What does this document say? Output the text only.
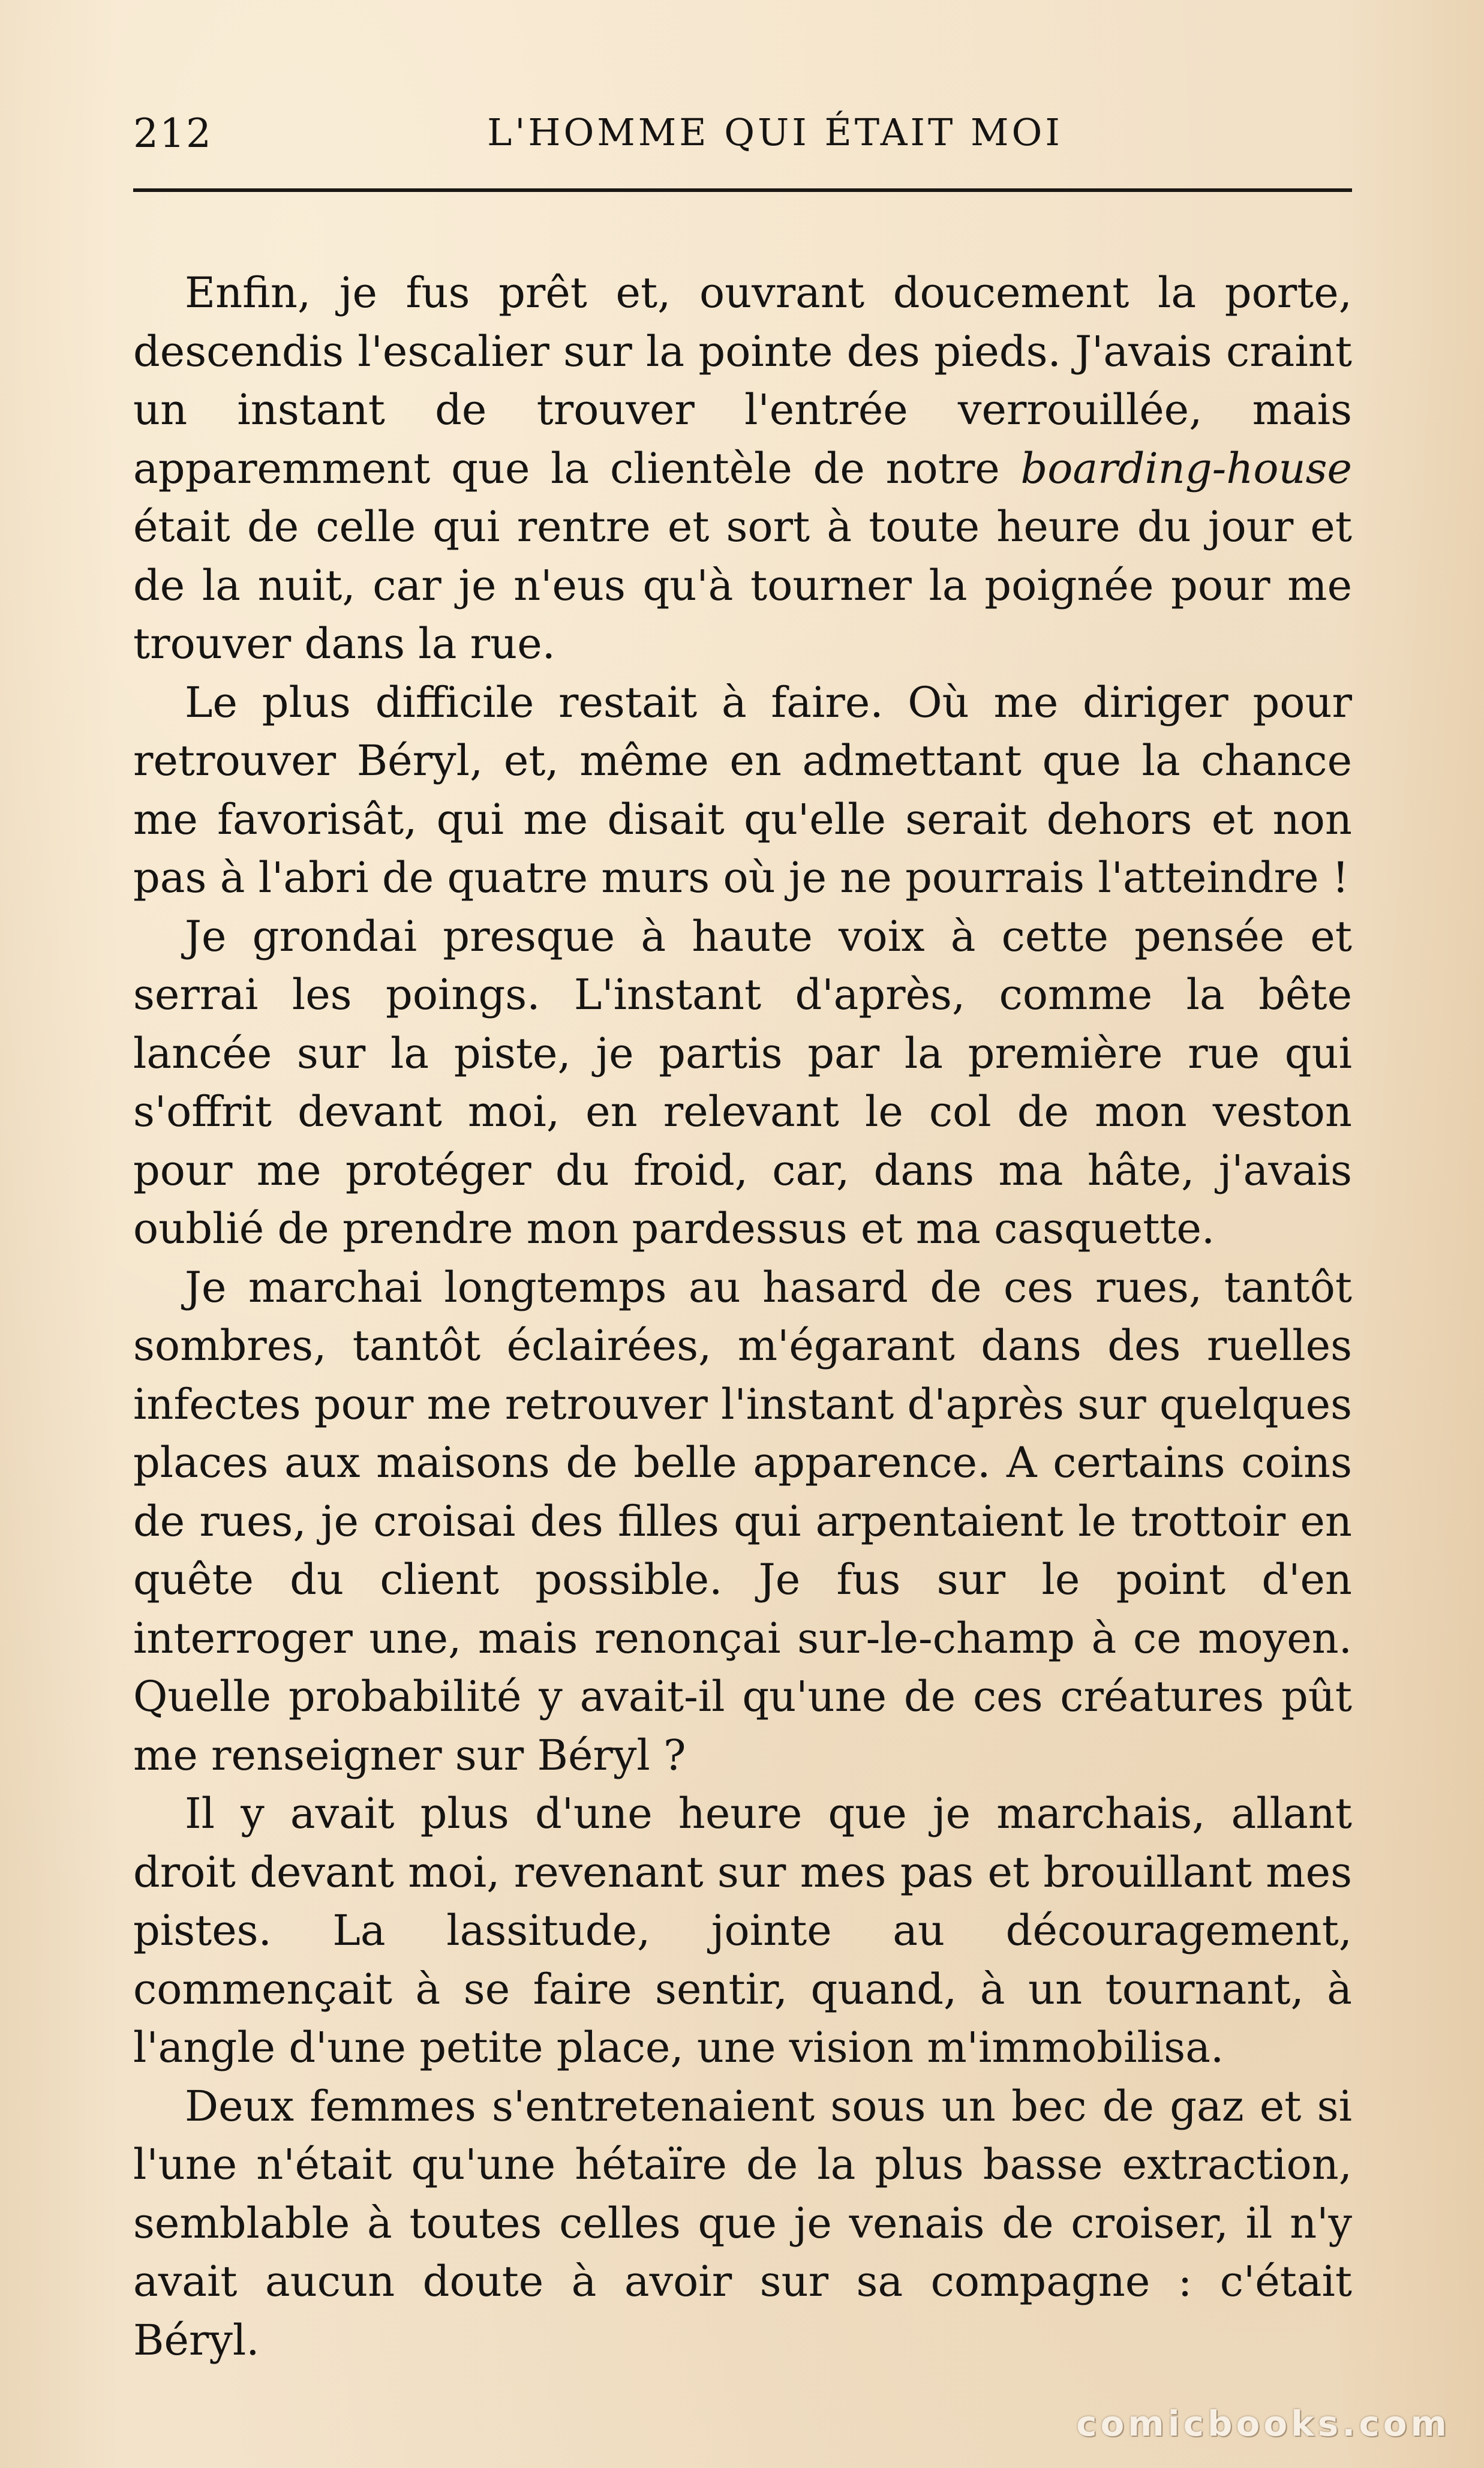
212	L'HOMME QUI ÉTAIT MOI

Enfin, je fus prêt et, ouvrant doucement la porte, descendis l'escalier sur la pointe des pieds. J'avais craint un instant de trouver l'entrée verrouillée, mais apparemment que la clientèle de notre boarding-house était de celle qui rentre et sort à toute heure du jour et de la nuit, car je n'eus qu'à tourner la poignée pour me trouver dans la rue.

Le plus difficile restait à faire. Où me diriger pour retrouver Béryl, et, même en admettant que la chance me favorisât, qui me disait qu'elle serait dehors et non pas à l'abri de quatre murs où je ne pourrais l'atteindre !

Je grondai presque à haute voix à cette pensée et serrai les poings. L'instant d'après, comme la bête lancée sur la piste, je partis par la première rue qui s'offrit devant moi, en relevant le col de mon veston pour me protéger du froid, car, dans ma hâte, j'avais oublié de prendre mon pardessus et ma casquette.

Je marchai longtemps au hasard de ces rues, tantôt sombres, tantôt éclairées, m'égarant dans des ruelles infectes pour me retrouver l'instant d'après sur quelques places aux maisons de belle apparence. A certains coins de rues, je croisai des filles qui arpentaient le trottoir en quête du client possible. Je fus sur le point d'en interroger une, mais renonçai sur-le-champ à ce moyen. Quelle probabilité y avait-il qu'une de ces créatures pût me renseigner sur Béryl ?

Il y avait plus d'une heure que je marchais, allant droit devant moi, revenant sur mes pas et brouillant mes pistes. La lassitude, jointe au découragement, commençait à se faire sentir, quand, à un tournant, à l'angle d'une petite place, une vision m'immobilisa.

Deux femmes s'entretenaient sous un bec de gaz et si l'une n'était qu'une hétaïre de la plus basse extraction, semblable à toutes celles que je venais de croiser, il n'y avait aucun doute à avoir sur sa compagne : c'était Béryl.

comicbooks.com
